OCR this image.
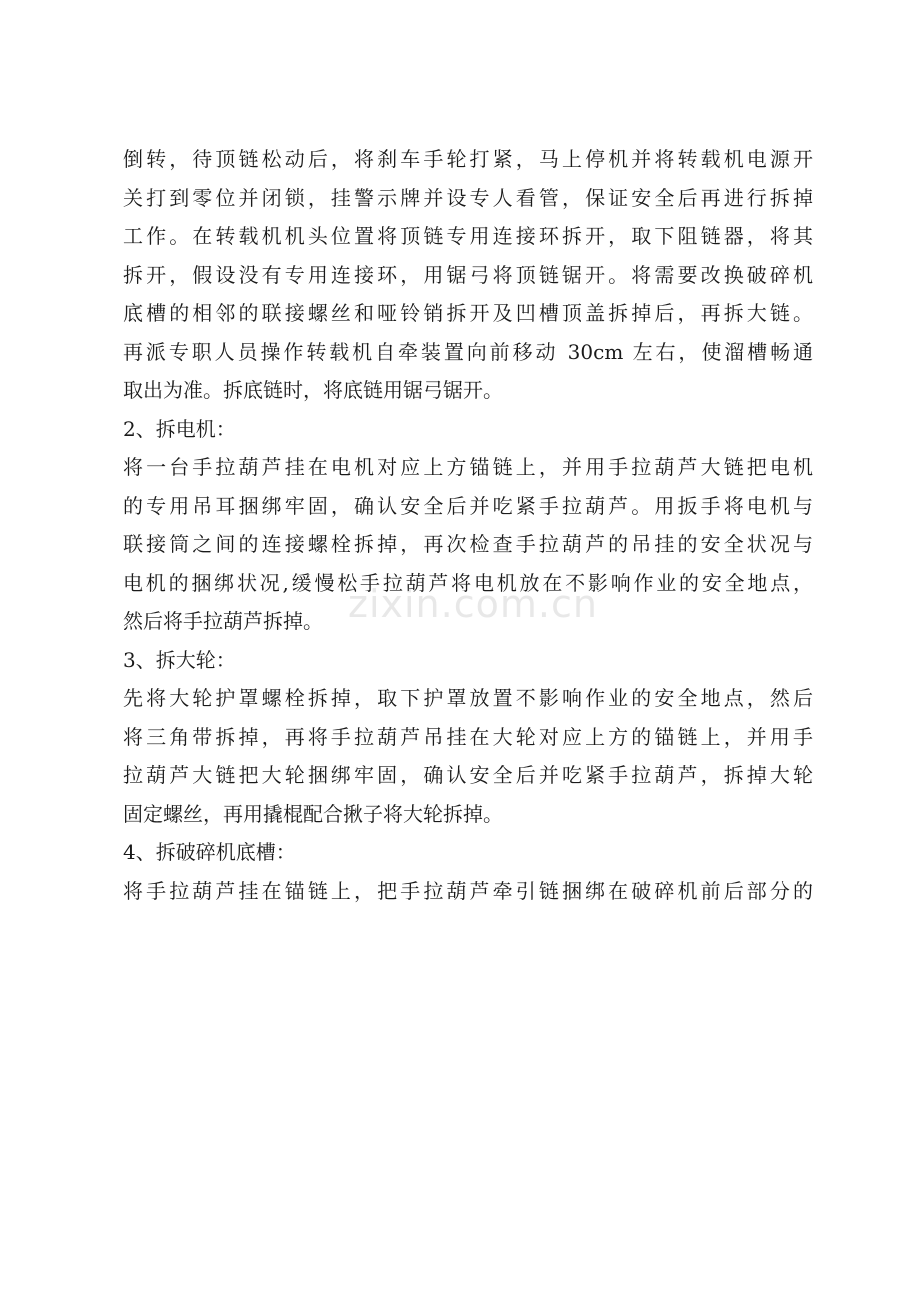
倒转，待顶链松动后，将刹车手轮打紧，马上停机并将转载机电源开
关打到零位并闭锁，挂警示牌并设专人看管，保证安全后再进行拆掉
工作。在转载机机头位置将顶链专用连接环拆开，取下阻链器，将其
拆开，假设没有专用连接环，用锯弓将顶链锯开。将需要改换破碎机
底槽的相邻的联接螺丝和哑铃销拆开及凹槽顶盖拆掉后，再拆大链。
再派专职人员操作转载机自牵装置向前移动 30cm 左右，使溜槽畅通
取出为准。拆底链时，将底链用锯弓锯开。
2、拆电机：
将一台手拉葫芦挂在电机对应上方锚链上，并用手拉葫芦大链把电机
的专用吊耳捆绑牢固，确认安全后并吃紧手拉葫芦。用扳手将电机与
联接筒之间的连接螺栓拆掉，再次检查手拉葫芦的吊挂的安全状况与
电机的捆绑状况,缓慢松手拉葫芦将电机放在不影响作业的安全地点，
然后将手拉葫芦拆掉。
3、拆大轮：
先将大轮护罩螺栓拆掉，取下护罩放置不影响作业的安全地点，然后
将三角带拆掉，再将手拉葫芦吊挂在大轮对应上方的锚链上，并用手
拉葫芦大链把大轮捆绑牢固，确认安全后并吃紧手拉葫芦，拆掉大轮
固定螺丝，再用撬棍配合揪子将大轮拆掉。
4、拆破碎机底槽：
将手拉葫芦挂在锚链上，把手拉葫芦牵引链捆绑在破碎机前后部分的
zixin.com.cn
